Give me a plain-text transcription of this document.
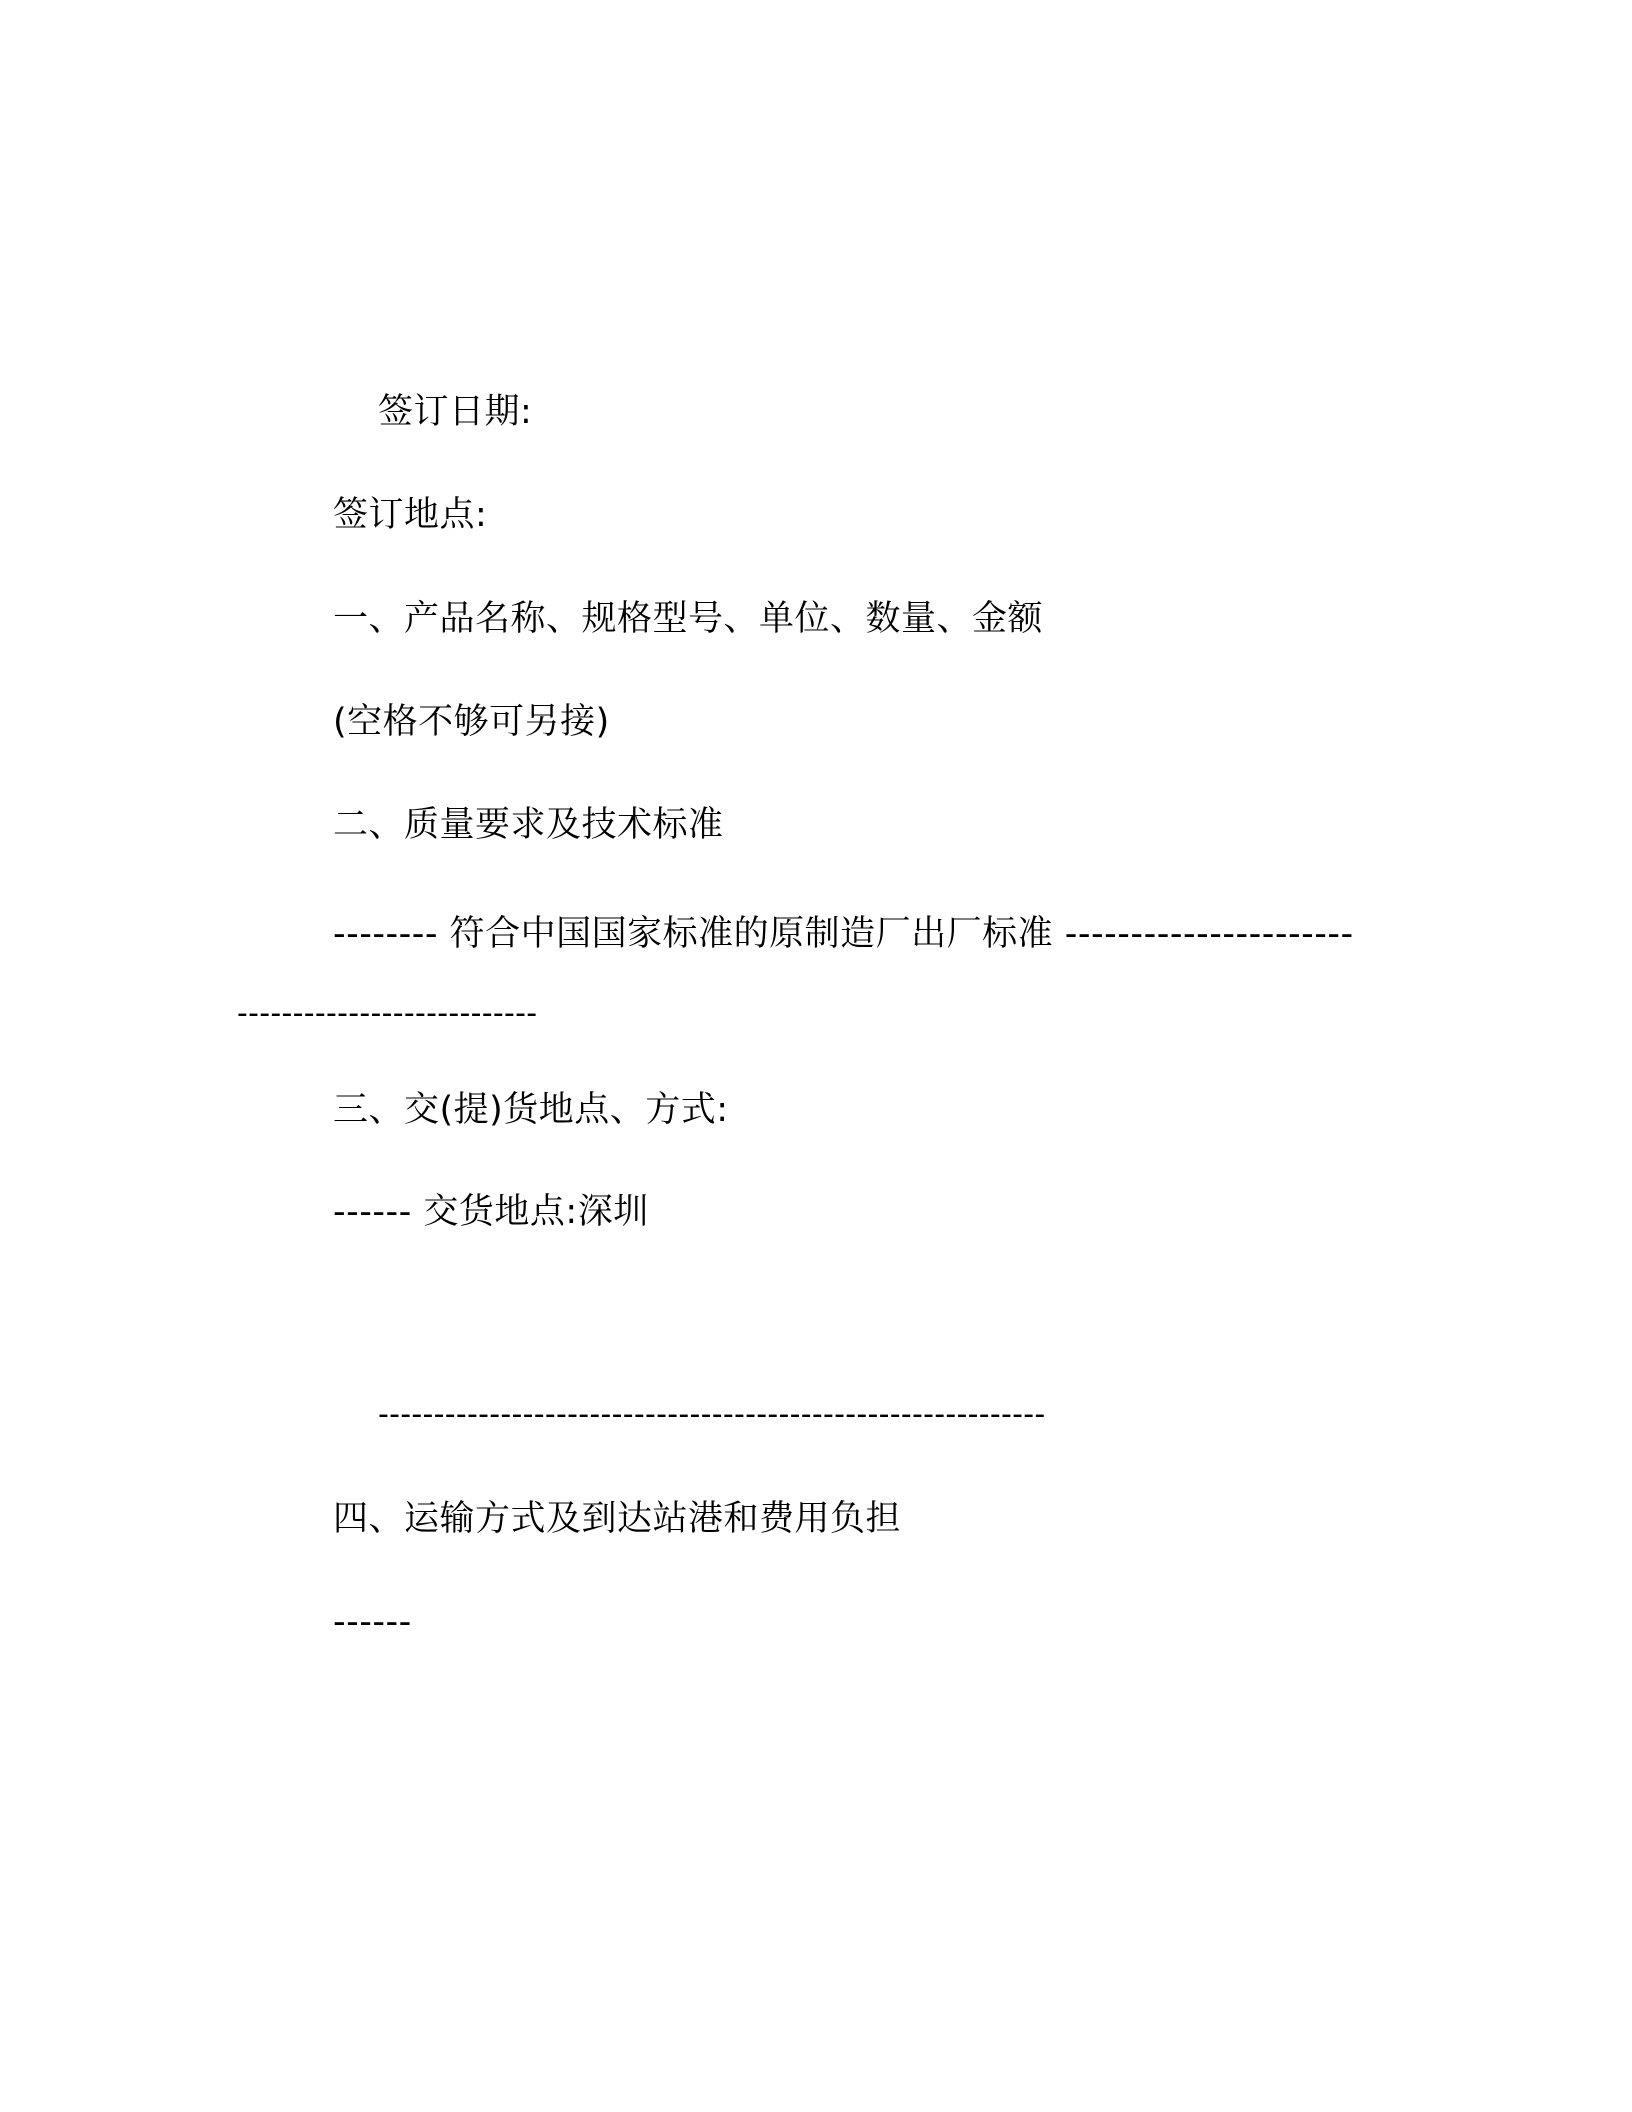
签订日期:
签订地点:
一、产品名称、规格型号、单位、数量、金额
(空格不够可另接)
二、质量要求及技术标准
-------- 符合中国国家标准的原制造厂出厂标准 ----------------------
---------------------------
三、交(提)货地点、方式:
------ 交货地点:深圳
------------------------------------------------------------
四、运输方式及到达站港和费用负担
------
